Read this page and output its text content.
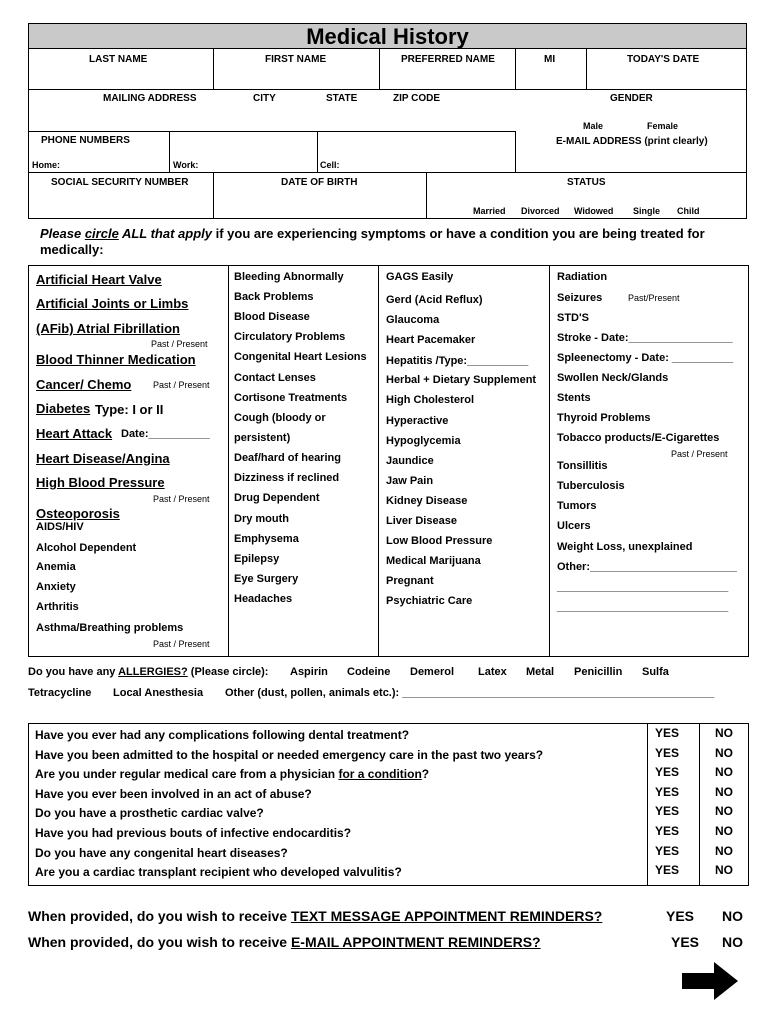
Medical History
LAST NAME	FIRST NAME	PREFERRED NAME	MI	TODAY'S DATE
MAILING ADDRESS	CITY	STATE	ZIP CODE	GENDER
Male	Female
PHONE NUMBERS	E-MAIL ADDRESS (print clearly)
Home:	Work:	Cell:
SOCIAL SECURITY NUMBER	DATE OF BIRTH	STATUS
Married Divorced Widowed Single Child
Please circle ALL that apply if you are experiencing symptoms or have a condition you are being treated for medically:
Artificial Heart Valve
Artificial Joints or Limbs
(AFib) Atrial Fibrillation
Past / Present
Blood Thinner Medication
Cancer/ Chemo Past / Present
Diabetes Type: I or II
Heart Attack Date:__________
Heart Disease/Angina
High Blood Pressure
Past / Present
Osteoporosis
AIDS/HIV
Alcohol Dependent
Anemia
Anxiety
Arthritis
Asthma/Breathing problems
Past / Present
Bleeding Abnormally
Back Problems
Blood Disease
Circulatory Problems
Congenital Heart Lesions
Contact Lenses
Cortisone Treatments
Cough (bloody or
persistent)
Deaf/hard of hearing
Dizziness if reclined
Drug Dependent
Dry mouth
Emphysema
Epilepsy
Eye Surgery
Headaches
GAGS Easily
Gerd (Acid Reflux)
Glaucoma
Heart Pacemaker
Hepatitis /Type:__________
Herbal + Dietary Supplement
High Cholesterol
Hyperactive
Hypoglycemia
Jaundice
Jaw Pain
Kidney Disease
Liver Disease
Low Blood Pressure
Medical Marijuana
Pregnant
Psychiatric Care
Radiation
Seizures
STD'S
Stroke - Date:_________________
Spleenectomy - Date: __________
Swollen Neck/Glands
Stents
Thyroid Problems
Tobacco products/E-Cigarettes
Tonsillitis
Tuberculosis
Tumors
Ulcers
Weight Loss, unexplained
Other:________________________
____________________________
____________________________
Past/Present
Past / Present
Do you have any ALLERGIES? (Please circle): Aspirin Codeine Demerol Latex Metal Penicillin Sulfa
Tetracycline Local Anesthesia Other (dust, pollen, animals etc.): ___________________________________________________
Have you ever had any complications following dental treatment?	YES	NO
Have you been admitted to the hospital or needed emergency care in the past two years?	YES	NO
Are you under regular medical care from a physician for a condition?	YES	NO
Have you ever been involved in an act of abuse?	YES	NO
Do you have a prosthetic cardiac valve?	YES	NO
Have you had previous bouts of infective endocarditis?	YES	NO
Do you have any congenital heart diseases?	YES	NO
Are you a cardiac transplant recipient who developed valvulitis?	YES	NO
When provided, do you wish to receive TEXT MESSAGE APPOINTMENT REMINDERS?	YES NO
When provided, do you wish to receive E-MAIL APPOINTMENT REMINDERS?	YES NO
